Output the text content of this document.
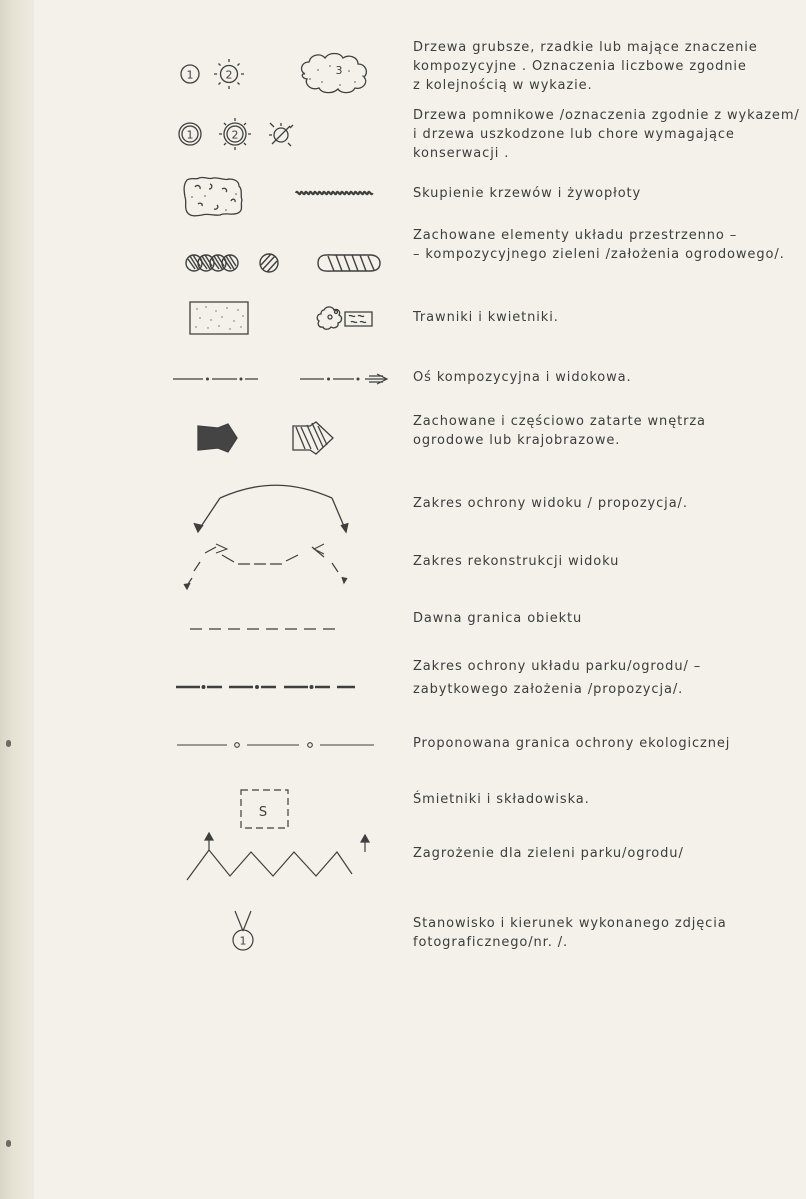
1	2	3
Drzewa grubsze, rzadkie lub mające znaczenie
kompozycyjne . Oznaczenia liczbowe zgodnie
z kolejnością w wykazie.
1	2
Drzewa pomnikowe /oznaczenia zgodnie z wykazem/
i drzewa uszkodzone lub chore wymagające
konserwacji .
Skupienie krzewów i żywopłoty
Zachowane elementy układu przestrzenno –
– kompozycyjnego zieleni /założenia ogrodowego/.
Trawniki i kwietniki.
Oś kompozycyjna i widokowa.
Zachowane i częściowo zatarte wnętrza
ogrodowe lub krajobrazowe.
Zakres ochrony widoku / propozycja/.
Zakres rekonstrukcji widoku
Dawna granica obiektu
Zakres ochrony układu parku/ogrodu/ –
zabytkowego założenia /propozycja/.
Proponowana granica ochrony ekologicznej
S
Śmietniki i składowiska.
Zagrożenie dla zieleni parku/ogrodu/
1
Stanowisko i kierunek wykonanego zdjęcia
fotograficznego/nr. /.
